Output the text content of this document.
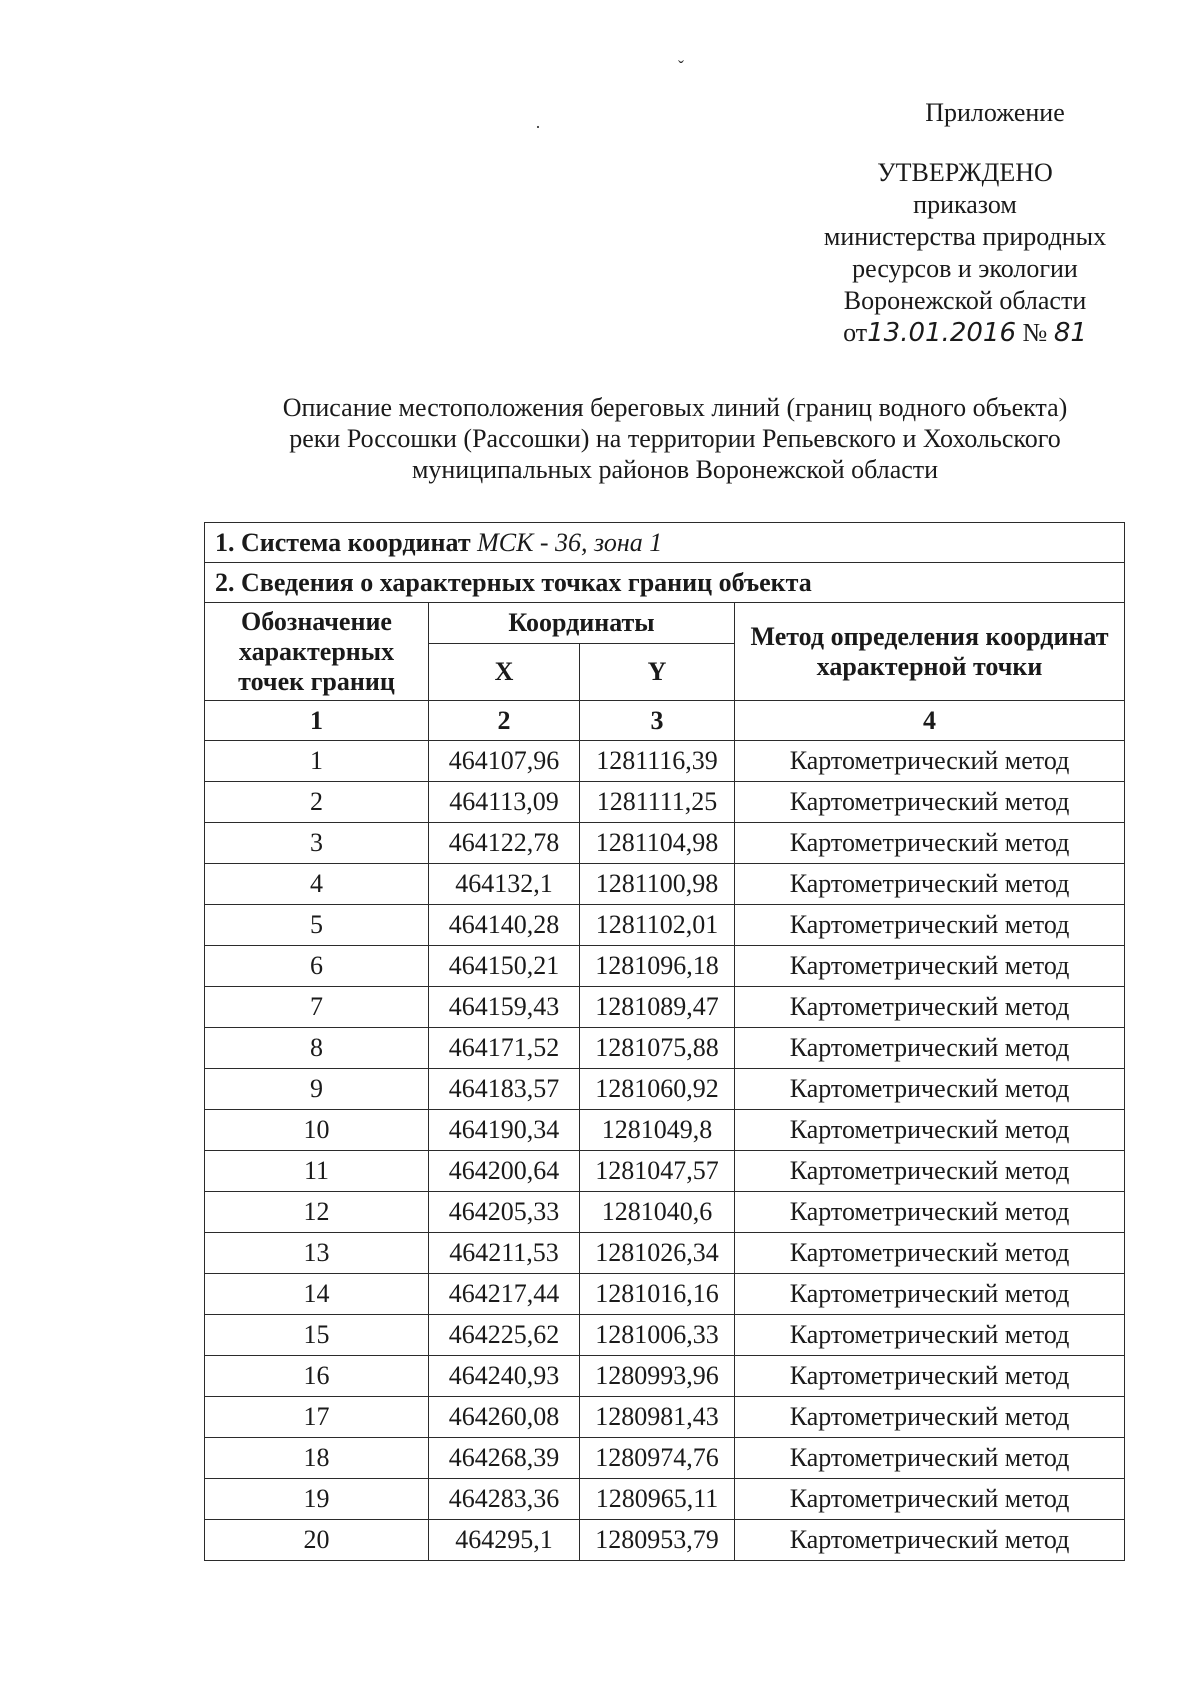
ˇ
·	Приложение
УТВЕРЖДЕНО
приказом
министерства природных
ресурсов и экологии
Воронежской области
от13.01.2016 № 81
Описание местоположения береговых линий (границ водного объекта)
реки Россошки (Рассошки) на территории Репьевского и Хохольского
муниципальных районов Воронежской области
1. Система координат МСК - 36, зона 1			
2. Сведения о характерных точках границ объекта			
Обозначение характерных точек границ	Координаты		Метод определения координат характерной точки
	X	Y	
1	2	3	4
1	464107,96	1281116,39	Картометрический метод
2	464113,09	1281111,25	Картометрический метод
3	464122,78	1281104,98	Картометрический метод
4	464132,1	1281100,98	Картометрический метод
5	464140,28	1281102,01	Картометрический метод
6	464150,21	1281096,18	Картометрический метод
7	464159,43	1281089,47	Картометрический метод
8	464171,52	1281075,88	Картометрический метод
9	464183,57	1281060,92	Картометрический метод
10	464190,34	1281049,8	Картометрический метод
11	464200,64	1281047,57	Картометрический метод
12	464205,33	1281040,6	Картометрический метод
13	464211,53	1281026,34	Картометрический метод
14	464217,44	1281016,16	Картометрический метод
15	464225,62	1281006,33	Картометрический метод
16	464240,93	1280993,96	Картометрический метод
17	464260,08	1280981,43	Картометрический метод
18	464268,39	1280974,76	Картометрический метод
19	464283,36	1280965,11	Картометрический метод
20	464295,1	1280953,79	Картометрический метод
